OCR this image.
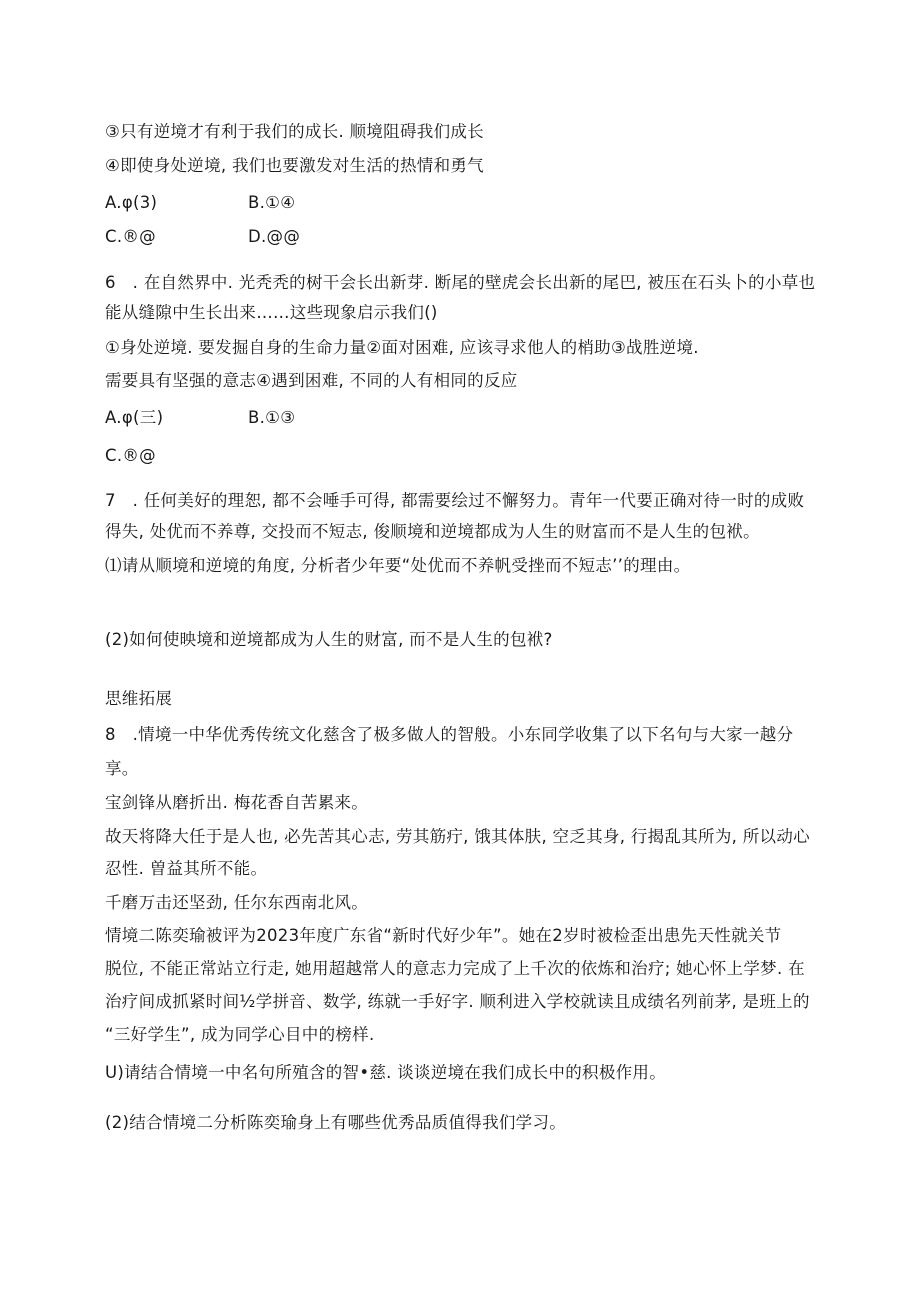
③只有逆境才有利于我们的成长. 顺境阻碍我们成长
④即使身处逆境, 我们也要激发对生活的热情和勇气
A.φ(3)	B.①④
C.®@	D.@@
6　. 在自然界中. 光秃秃的树干会长出新芽. 断尾的壁虎会长出新的尾巴, 被压在石头卜的小草也
能从缝隙中生长出来……这些现象启示我们()
①身处逆境. 要发掘自身的生命力量②面对困难, 应该寻求他人的梢助③战胜逆境.
需要具有坚强的意志④遇到困难, 不同的人有相同的反应
A.φ(三)	B.①③
C.®@
7　. 任何美好的理恕, 都不会唾手可得, 都需要绘过不懈努力。青年一代要正确对待一时的成败
得失, 处优而不养尊, 交投而不短志, 俊顺境和逆境都成为人生的财富而不是人生的包袱。
⑴请从顺境和逆境的角度, 分析者少年要“处优而不养帆受挫而不短志’’的理由。
(2)如何使映境和逆境都成为人生的财富, 而不是人生的包袱?
思维拓展
8　.情境一中华优秀传统文化慈含了极多做人的智般。小东同学收集了以下名句与大家一越分
享。
宝剑锋从磨折出. 梅花香自苦累来。
故天将降大任于是人也, 必先苦其心志, 劳其筋疔, 饿其体肤, 空乏其身, 行揭乱其所为, 所以动心
忍性. 曽益其所不能。
千磨万击还坚劲, 任尔东西南北风。
情境二陈奕瑜被评为2023年度广东省“新时代好少年”。她在2岁时被检歪出患先天性就关节
脱位, 不能正常站立行走, 她用超越常人的意志力完成了上千次的依炼和治疗; 她心怀上学梦. 在
治疗间成抓紧时间½学拼音、数学, 练就一手好字. 顺利进入学校就读且成绩名列前茅, 是班上的
“三好学生”, 成为同学心目中的榜样.
U)请结合情境一中名句所殖含的智•慈. 谈谈逆境在我们成长中的积极作用。
(2)结合情境二分析陈奕瑜身上有哪些优秀品质值得我们学习。
